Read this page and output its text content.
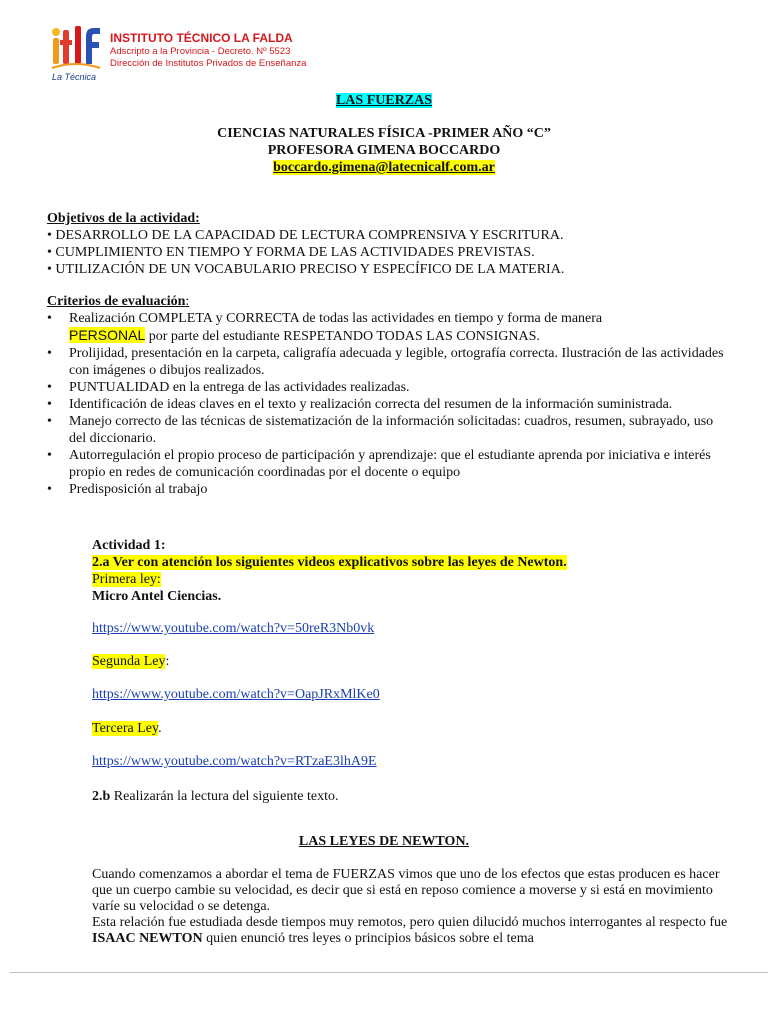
La Técnica
INSTITUTO TÉCNICO LA FALDA
Adscripto a la Provincia - Decreto. Nº 5523
Dirección de Institutos Privados de Enseñanza
LAS FUERZAS
CIENCIAS NATURALES FÍSICA -PRIMER AÑO “C”
PROFESORA GIMENA BOCCARDO
boccardo.gimena@latecnicalf.com.ar
Objetivos de la actividad:
• DESARROLLO DE LA CAPACIDAD DE LECTURA COMPRENSIVA Y ESCRITURA.
• CUMPLIMIENTO EN TIEMPO Y FORMA DE LAS ACTIVIDADES PREVISTAS.
• UTILIZACIÓN DE UN VOCABULARIO PRECISO Y ESPECÍFICO DE LA MATERIA.
Criterios de evaluación:
• Realización COMPLETA y CORRECTA de todas las actividades en tiempo y forma de manera
PERSONAL por parte del estudiante RESPETANDO TODAS LAS CONSIGNAS.
• Prolijidad, presentación en la carpeta, caligrafía adecuada y legible, ortografía correcta. Ilustración de las actividades con imágenes o dibujos realizados.
• PUNTUALIDAD en la entrega de las actividades realizadas.
• Identificación de ideas claves en el texto y realización correcta del resumen de la información suministrada.
• Manejo correcto de las técnicas de sistematización de la información solicitadas: cuadros, resumen, subrayado, uso del diccionario.
• Autorregulación el propio proceso de participación y aprendizaje: que el estudiante aprenda por iniciativa e interés propio en redes de comunicación coordinadas por el docente o equipo
• Predisposición al trabajo
Actividad 1:
2.a Ver con atención los siguientes videos explicativos sobre las leyes de Newton.
Primera ley:
Micro Antel Ciencias.
https://www.youtube.com/watch?v=50reR3Nb0vk
Segunda Ley:
https://www.youtube.com/watch?v=OapJRxMlKe0
Tercera Ley.
https://www.youtube.com/watch?v=RTzaE3lhA9E
2.b Realizarán la lectura del siguiente texto.
LAS LEYES DE NEWTON.
Cuando comenzamos a abordar el tema de FUERZAS vimos que uno de los efectos que estas producen es hacer que un cuerpo cambie su velocidad, es decir que si está en reposo comience a moverse y si está en movimiento varíe su velocidad o se detenga.
Esta relación fue estudiada desde tiempos muy remotos, pero quien dilucidó muchos interrogantes al respecto fue ISAAC NEWTON quien enunció tres leyes o principios básicos sobre el tema
